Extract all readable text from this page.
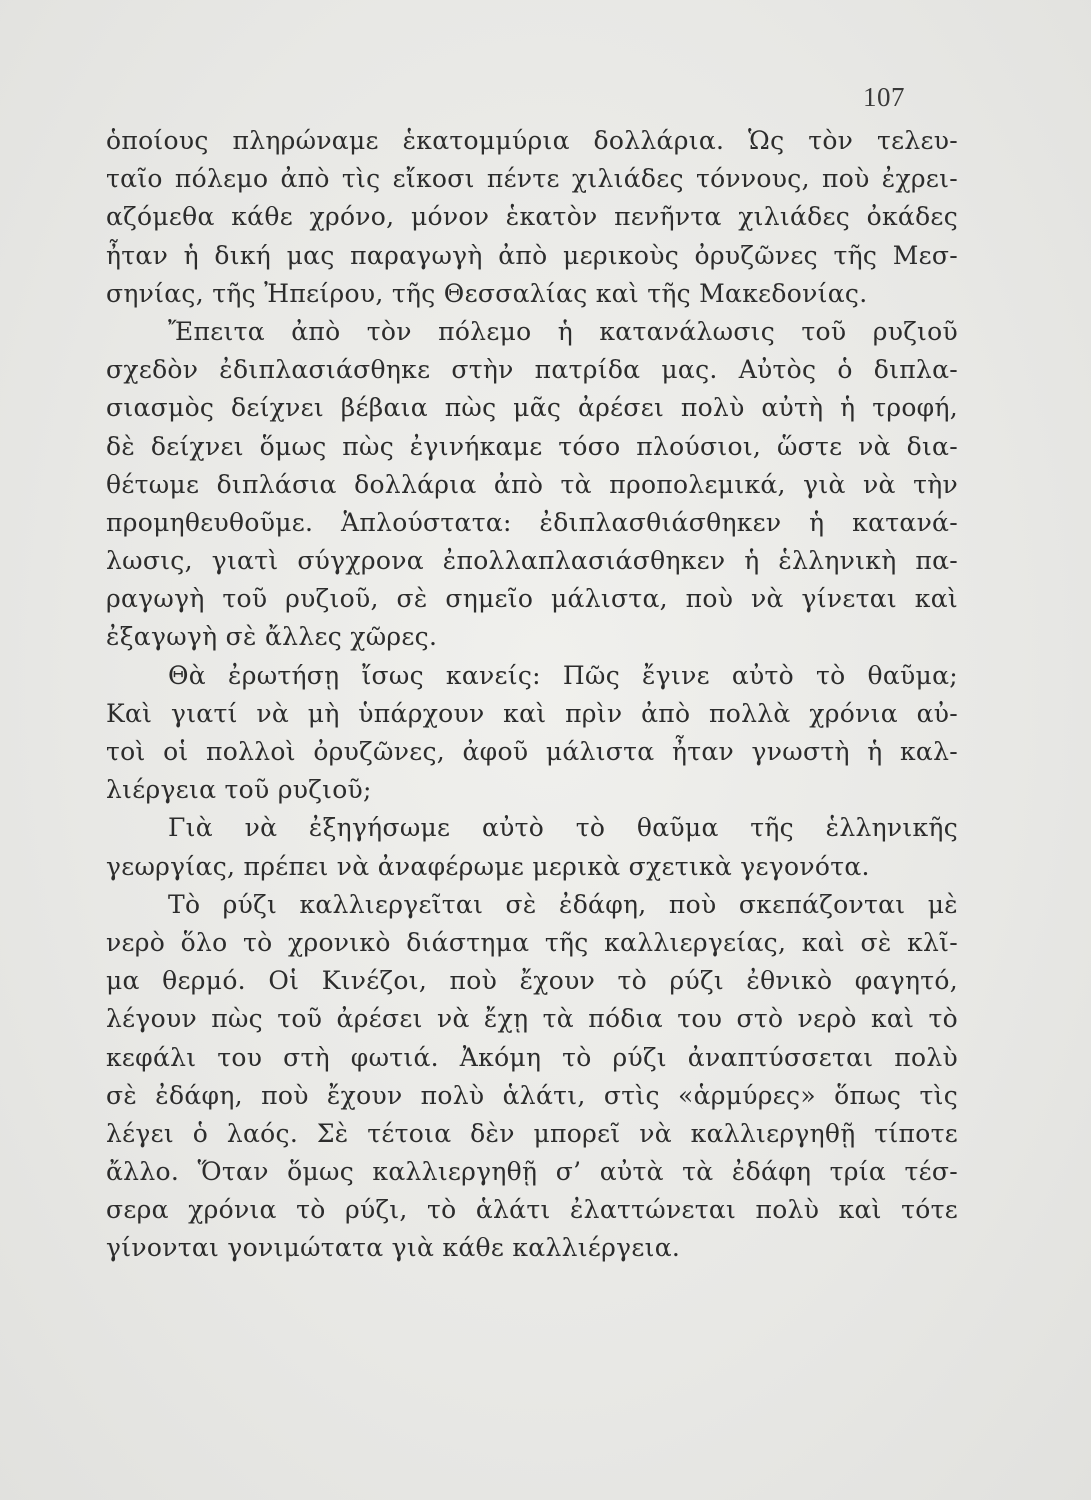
107
ὁποίους πληρώναμε ἑκατομμύρια δολλάρια. Ὡς τὸν τελευ-
ταῖο πόλεμο ἀπὸ τὶς εἴκοσι πέντε χιλιάδες τόννους, ποὺ ἐχρει-
αζόμεθα κάθε χρόνο, μόνον ἑκατὸν πενῆντα χιλιάδες ὀκάδες
ἦταν ἡ δική μας παραγωγὴ ἀπὸ μερικοὺς ὀρυζῶνες τῆς Μεσ-
σηνίας, τῆς Ἠπείρου, τῆς Θεσσαλίας καὶ τῆς Μακεδονίας.
Ἔπειτα ἀπὸ τὸν πόλεμο ἡ κατανάλωσις τοῦ ρυζιοῦ
σχεδὸν ἐδιπλασιάσθηκε στὴν πατρίδα μας. Αὐτὸς ὁ διπλα-
σιασμὸς δείχνει βέβαια πὼς μᾶς ἀρέσει πολὺ αὐτὴ ἡ τροφή,
δὲ δείχνει ὅμως πὼς ἐγινήκαμε τόσο πλούσιοι, ὥστε νὰ δια-
θέτωμε διπλάσια δολλάρια ἀπὸ τὰ προπολεμικά, γιὰ νὰ τὴν
προμηθευθοῦμε. Ἁπλούστατα: ἐδιπλασθιάσθηκεν ἡ κατανά-
λωσις, γιατὶ σύγχρονα ἐπολλαπλασιάσθηκεν ἡ ἑλληνικὴ πα-
ραγωγὴ τοῦ ρυζιοῦ, σὲ σημεῖο μάλιστα, ποὺ νὰ γίνεται καὶ
ἐξαγωγὴ σὲ ἄλλες χῶρες.
Θὰ ἐρωτήσῃ ἴσως κανείς: Πῶς ἔγινε αὐτὸ τὸ θαῦμα;
Καὶ γιατί νὰ μὴ ὑπάρχουν καὶ πρὶν ἀπὸ πολλὰ χρόνια αὐ-
τοὶ οἱ πολλοὶ ὀρυζῶνες, ἀφοῦ μάλιστα ἦταν γνωστὴ ἡ καλ-
λιέργεια τοῦ ρυζιοῦ;
Γιὰ νὰ ἐξηγήσωμε αὐτὸ τὸ θαῦμα τῆς ἑλληνικῆς
γεωργίας, πρέπει νὰ ἀναφέρωμε μερικὰ σχετικὰ γεγονότα.
Τὸ ρύζι καλλιεργεῖται σὲ ἐδάφη, ποὺ σκεπάζονται μὲ
νερὸ ὅλο τὸ χρονικὸ διάστημα τῆς καλλιεργείας, καὶ σὲ κλῖ-
μα θερμό. Οἱ Κινέζοι, ποὺ ἔχουν τὸ ρύζι ἐθνικὸ φαγητό,
λέγουν πὼς τοῦ ἀρέσει νὰ ἔχῃ τὰ πόδια του στὸ νερὸ καὶ τὸ
κεφάλι του στὴ φωτιά. Ἀκόμη τὸ ρύζι ἀναπτύσσεται πολὺ
σὲ ἐδάφη, ποὺ ἔχουν πολὺ ἁλάτι, στὶς «ἁρμύρες» ὅπως τὶς
λέγει ὁ λαός. Σὲ τέτοια δὲν μπορεῖ νὰ καλλιεργηθῇ τίποτε
ἄλλο. Ὅταν ὅμως καλλιεργηθῇ σ’ αὐτὰ τὰ ἐδάφη τρία τέσ-
σερα χρόνια τὸ ρύζι, τὸ ἁλάτι ἐλαττώνεται πολὺ καὶ τότε
γίνονται γονιμώτατα γιὰ κάθε καλλιέργεια.
